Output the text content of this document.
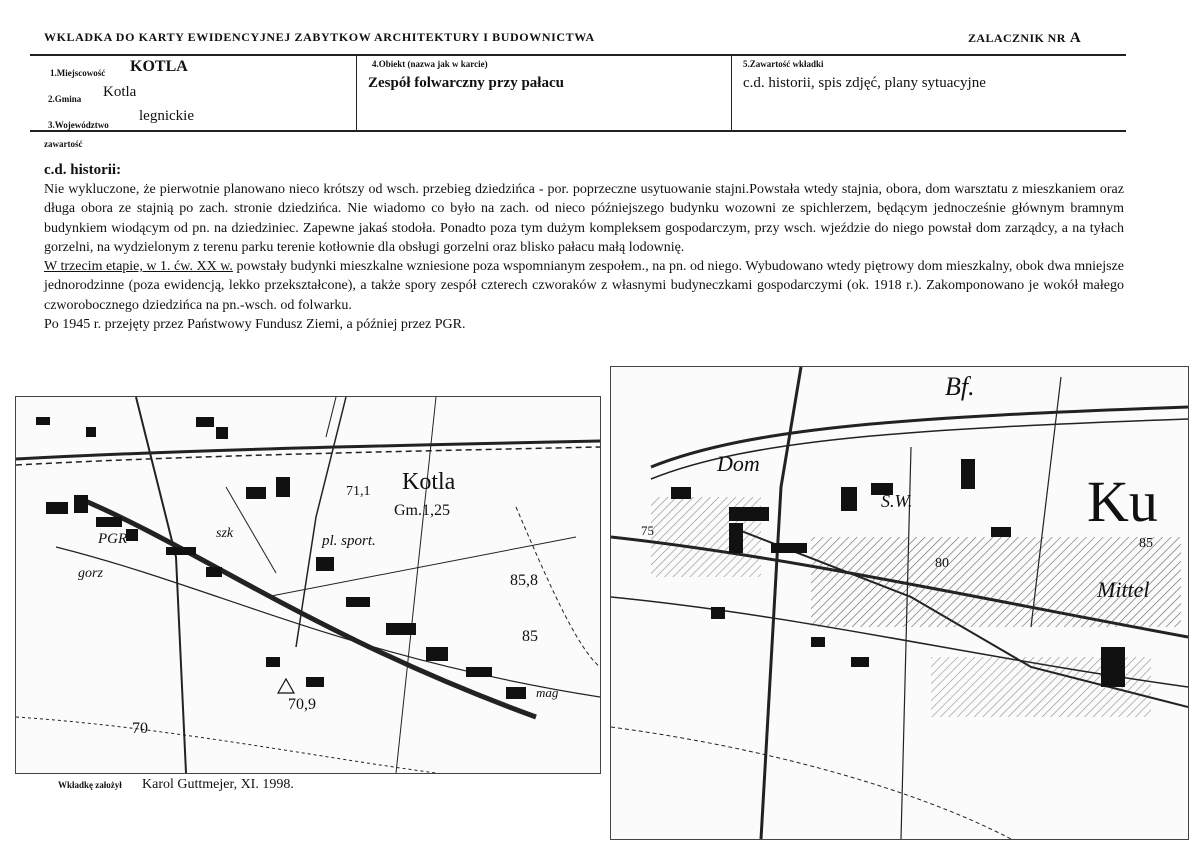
WKLADKA DO KARTY EWIDENCYJNEJ ZABYTKOW ARCHITEKTURY I BUDOWNICTWA	ZALACZNIK NR A
1.Miejscowość KOTLA
2.Gmina Kotla
3.Województwo
legnickie
4.Obiekt (nazwa jak w karcie)
Zespół folwarczny przy pałacu
5.Zawartość wkładki
c.d. historii, spis zdjęć, plany sytuacyjne
zawartość
c.d. historii:

Nie wykluczone, że pierwotnie planowano nieco krótszy od wsch. przebieg dziedzińca - por. poprzeczne usytuowanie stajni.Powstała wtedy stajnia, obora, dom warsztatu z mieszkaniem oraz długa obora ze stajnią po zach. stronie dziedzińca. Nie wiadomo co było na zach. od nieco późniejszego budynku wozowni ze spichlerzem, będącym jednocześnie głównym bramnym budynkiem wiodącym od pn. na dziedziniec. Zapewne jakaś stodoła. Ponadto poza tym dużym kompleksem gospodarczym, przy wsch. wjeździe do niego powstał dom zarządcy, a na tyłach gorzelni, na wydzielonym z terenu parku terenie kotłownie dla obsługi gorzelni oraz blisko pałacu małą lodownię.

W trzecim etapie, w 1. ćw. XX w. powstały budynki mieszkalne wzniesione poza wspomnianym zespołem., na pn. od niego. Wybudowano wtedy piętrowy dom mieszkalny, obok dwa mniejsze jednorodzinne (poza ewidencją, lekko przekształcone), a także spory zespół czterech czworaków z własnymi budyneczkami gospodarczymi (ok. 1918 r.). Zakomponowano je wokół małego czworobocznego dziedzińca na pn.-wsch. od folwarku.

Po 1945 r. przejęty przez Państwowy Fundusz Ziemi, a później przez PGR.

Kotla
Gm.1,25
PGR
gorz
szk	pl. sport.
71,1
85,8
85
70,9
70
mag
Bf.
Dom
S.W.	Ku
Mittel
80
85
75
Wkładkę założył Karol Guttmejer, XI. 1998.
